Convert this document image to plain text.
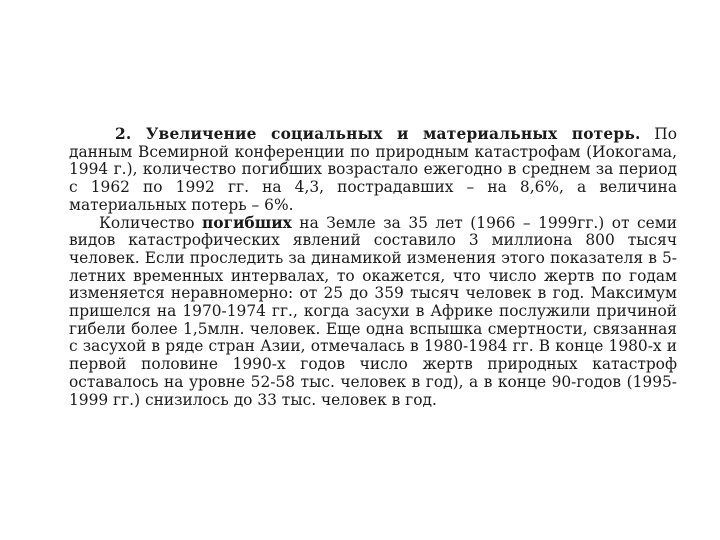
2. Увеличение социальных и материальных потерь. По данным Всемирной конференции по природным катастрофам (Иокогама, 1994 г.), количество погибших возрастало ежегодно в среднем за период с 1962 по 1992 гг. на 4,3, пострадавших – на 8,6%, а величина материальных потерь – 6%.

Количество погибших на Земле за 35 лет (1966 – 1999гг.) от семи видов катастрофических явлений составило 3 миллиона 800 тысяч человек. Если проследить за динамикой изменения этого показателя в 5-летних временных интервалах, то окажется, что число жертв по годам изменяется неравномерно: от 25 до 359 тысяч человек в год. Максимум пришелся на 1970-1974 гг., когда засухи в Африке послужили причиной гибели более 1,5млн. человек. Еще одна вспышка смертности, связанная с засухой в ряде стран Азии, отмечалась в 1980-1984 гг. В конце 1980-х и первой половине 1990-х годов число жертв природных катастроф оставалось на уровне 52-58 тыс. человек в год), а в конце 90-годов (1995-1999 гг.) снизилось до 33 тыс. человек в год.
